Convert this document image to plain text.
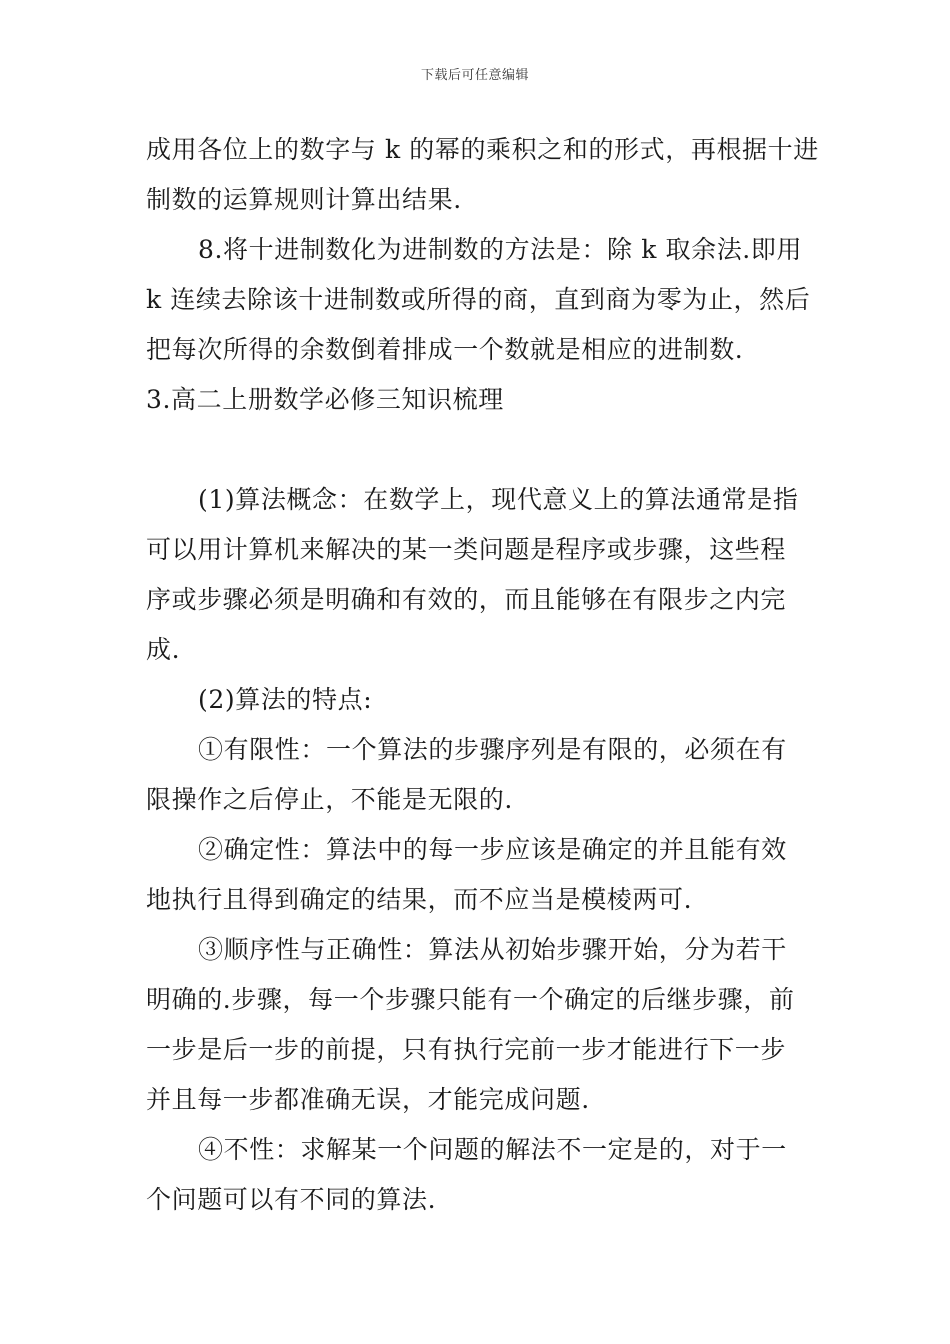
下载后可任意编辑
成用各位上的数字与 k 的幂的乘积之和的形式，再根据十进
制数的运算规则计算出结果.
8.将十进制数化为进制数的方法是：除 k 取余法.即用
k 连续去除该十进制数或所得的商，直到商为零为止，然后
把每次所得的余数倒着排成一个数就是相应的进制数.
3.高二上册数学必修三知识梳理
(1)算法概念：在数学上，现代意义上的算法通常是指
可以用计算机来解决的某一类问题是程序或步骤，这些程
序或步骤必须是明确和有效的，而且能够在有限步之内完
成.
(2)算法的特点:
①有限性：一个算法的步骤序列是有限的，必须在有
限操作之后停止，不能是无限的.
②确定性：算法中的每一步应该是确定的并且能有效
地执行且得到确定的结果，而不应当是模棱两可.
③顺序性与正确性：算法从初始步骤开始，分为若干
明确的.步骤，每一个步骤只能有一个确定的后继步骤，前
一步是后一步的前提，只有执行完前一步才能进行下一步
并且每一步都准确无误，才能完成问题.
④不性：求解某一个问题的解法不一定是的，对于一
个问题可以有不同的算法.
